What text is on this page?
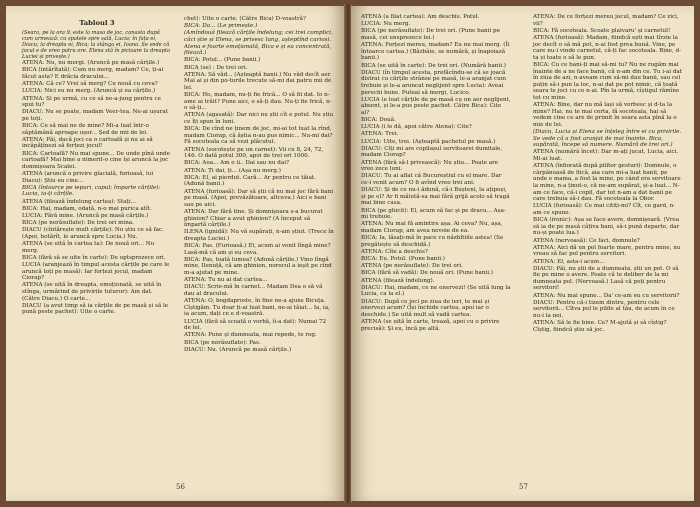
Tabloul 3

(Seara, pe la ora 9, este la masa de joc, canasta după cum urmează: cu spatele spre sală, Lucia; în fața ei, Diacu; la dreapta ei, Bica; la stânga ei, Ioana. Se vede că jocul e de vreo patru ore. Elena stă în picioare la dreapta Luciei și privește.)

ATENA: Nu, nu mergi. (Aruncă pe masă cărțile.)

BICA (intărîtată): Cum nu merg, madam? Ce, ți-ai făcut asta? E drăcia dracului...

ATENA: Că ce? Vrei să merg? Cu nouă cu ceva?

LUCIA: Nici eu nu merg. (Aruncă și ea cărțile.)

ATENA: Și pe urmă, cu ce să ne-a-jung pentru ce spui tu?

DIACU: Nu se poate, madam Veer-tea. Ne-ai ușurat pe toți.

BICA: Ce să mai ne de mine? Mi-a luat într-o săptămână aproape ușor... Șed de mii de lei.

ATENA: Păi, dacă joci ca o cartoafă și nu ai să incâpățînezi să forțezi jocul!

BICA: Cartoafă? Nu mai spune... De unde pînă unde cartoafă? Mai bine a nimerit-o cine își aruncă la joc domnișoara Scalei.

ATENA (aruncă o privire glacială, furioasă, lui Diacu): Știu eu cine...

BICA (întoarce pe iepuri, capul; împarte cărțile): Lucia, ia-ți cărțile.

ATENA (filează îndelung cartea): Stați...

BICA: Hai, madam, odată, n-o mai purica atît.

LUCIA: Fără mine. (Aruncă pe masă cărțile.)

BICA (pe nerăsuflate): De trei ori mina.

DIACU (cîntărește mult cărțile): Nu știu ce să fac. (Apoi, hotărît, le aruncă spre Lucia.) Nu.

ATENA (se uită în cartea ta): De nouă ori... Nu merg.

BICA (fără să se uite în carte): De optsprezece ori.

LUCIA (aranjează în timpul acesta cărțile pe care le aruncă toți pe masă): Iar forțezi jocul, madam Ciorap?

ATENA (se uită în dreapta, emoționată, se uită în stînga, urmărind de privirile tuturor): Am dat. (Către Diacu.) O carte...

DIACU (a avut timp să ia cărțile de pe masă și să le pună peste pachet): Uite o carte.

chet): Uite o carte. (Către Bica) D-voastră?

BICA: Da... (Le primește.)

(Amîndouă filează cărțile îndelung; cei trei complici, câci știe și Elena, se privesc lung, așteptînd curioși. Atena e foarte emoționată, Bica e și ea concentrată, filează.)

BICA: Potul... (Pune banii.)

BICA (se) : De trei ori.

ATENA: Să văd... (Așteaptă banii.) Nu văd decît aer. Mai ai și din po-turile trecute să-mi dai patru mii de lei.

BICA: Ho, madam, nu-ți fie frică... O să fii dat. Io n-ame ai trăit? Pune aici, o să-ți dau. Nu-ți fie frică, n-o să-ți...

ATENA (agasată): Dar nici nu știi cît e potul. Nu știu ce îți spun în luni.

BICA: De cînd ne ținem de joc, mi-ai tot luat la rînd, madam Ciorap, că ăștia n-au pus nimic... Nu-mi dai? Fă socoteala ca să vezi plăcutul.

ATENA (socotește pe un carnet): Vii cu 8, 24, 72, 146. O dată potul 300, apoi de trei ori 1000.

BICA: Aoa... Am o ii.. Dai sau nu dai?

ATENA: Ți dai, ți... (Așa nu merg.)

BICA: El, ai pierdut. Cară... Ar pentru ce tăiat. (Adună banii.)

ATENA (furioasă): Dar să știi că nu mai joc fără bani pe masă. (Apoi, prevăzătoare, altceva.) Aici e bani sau pe aici.

ATENA: Dar fără tine. Și domnișoara s-a bucurat ghinion? Chiar a avut ghinion? (A început să împartă cărțile.)

ILENA (ignidă): Nu vă supărați, n-am știut. (Trece în dreapta Luciei.)

BICA: Pas. (Furioasă.) El, acum ai venit lîngă mine? Lasă-mă că am și eu ceva.

BICA: Pas, toată lumea? (Adună cărțile.) Vino lîngă mine, Ilenuță, că am ghinion, norocul a ieșit pe cînd m-a ajutat pe mine.

ATENA: Tu nu ai dat cartea...

DIACU: Scrie-mă în carnet... Madam Dea o să vă dau al dracului.

ATENA: O, bogdaproste, în fine ne-a ajuns Bicuța. Cîștigăm. Tu doar ți-ai luat bani, ne-ai tăiat... Ia, ia, ia acum, dați ce e d-voastră.

LUCIA (fără să scoată o vorbă, îi-a dat): Numai 72 de lei.

ATENA: Pune și dumneata, mai repede, te rog.

BICA (pe nerăsuflate): Pas.

DIACU: Nu. (Aruncă pe masă cărțile.)

56

ATENA (a filat cartea): Am deschis. Potul.

LUCIA: Nu merg.

BICA (pe nerăsuflate): De trei ori. (Pune banii pe masă, cei unsprezece lei.)

ATENA: Forțezi mereu, madam? Eu nu mai merg. (Îi întoarce cartea.) (Bâzbâie, se numără, și înapoiază banii.)

BICA (se uită în carte): De trei ori. (Numără banii.)

DIACU (în timpul acesta, prefăcîndu-se că se joacă distrat cu cărțile strânse pe masă, le-a aranjat cum trebuie și le-a aruncat neglijent spre Lucia): Aveai perechi bune. Puteai să mergi, Lucico.

LUCIA (e loat cărțile de pe masă cu un aer neglijent, absent, și le-a pus peste pachet. Către Bica): Cite ai?

BICA: Două.

LUCIA (i le dă, apoi către Atena): Cite?

ATENA: Trei.

LUCIA: Uite, trei. (Așteaptă pachetul pe masă.)

DIACU: Cîți mi are copilașul servitoarei dumitale, madam Ciorap?

ATENA (fără să-l privească): Nu știu... Poate are vreo zece luni.

DIACU: Tu ai aflat că Bucureștiul cu el mare. Dar ce-i venit acum? O fi avînd vreo trei ani.

DIACU: Și de ce nu-i ădună, că-i Bușteni, la ațipoși, și pe el? Ar fi măiută-sa mai fără grijă acolo să tragă mai bine casa.

BICA (pe ghicit): El, acum să fac și pe dracu... Așa-mi trebuie.

ATENA: Nu mai fă amintire așa. Ai ceva? Nu, așa, madam Ciorap, am avea nevoie de ea.

BICA: Ia, lăsați-mă în pace cu năzbîtiile astea! (Se pregătește să deschidă.)

ATENA: Cîte a deschis?

BICA: Eu. Potul. (Pune banii.)

ATENA (pe nerăsuflate): De trei ori.

BICA (fără să vadă): De nouă ori. (Pune banii.)

ATENA (filează îndelung).

DIACU: Hai, madam, ce ne enervezi! (Se uită lung la Lucia, ca la el.)

DIACU: După ce joci pe ziua de ieri, te mai și enervezi acum? (Își închide cartea, apoi iar o deschide.) Se uită mult să vadă cartea.

ATENA (se uită în carte, trează, apoi cu o privire precisă): Și eu, încă pe altă.

ATENA: De ce forțezi mereu jocul, madam? Ce zici, vii?

BICA: Fă socoteala. Scoate plaivaru' și carnetul!

ATENA (furioasă): Madam, fiindcă ești mai tîrzie la joc decît o să mă pot, n-ai fost prea bună. Vine, pe care nu-i vinde carnetul, că-ți fac socoteala. Bine, d-ta și toate o să le pun.

BICA: Cu ce bani-ți mai să-mi tu? Nu ne rugăm mai înainte de a ne face banii, că n-am din ce. Tu i-ai dat în ziua de azi, n-aveam cum să-mi dau banii, sau cel puțin să-i pun la loc, n-ai dat pe pot nimic, că toată seara te joci cu ce n-ai. Pîn la urmă, cîștigul rămîne tot cu mine.

ATENA: Bine, dar nu mă lași să vorbesc și d-ta la mine? Hai, nu te mai certa, fă socoteala, hai să vedem cine ce are de primit în seara asta pînă la o mie de lei.

(Diacu, Lucia și Elena se înțeleg între ei cu privirile. Se vede că a fost aranjat de mai înainte. Bica, supărată, începe să numere. Numără de trei ori.)

ATENA (numără încet): Dar m-ați jucat, Lucia, aici. Mi-ai luat.

ATENA (înfiorată după pilitor gesturi): Domnule, o cârpănoasă de fiică, aia care mi-a luat banii, pe unde e mama, a fost la mine, pe când era servitoare la mine, n-a ținut-o, că ne-am supărat, și-a luat... N-am ce face, că-i copil, dar tot n-am a dat banii pe care trebuia să-i dau. Fă socoteala la Obor.

LUCIA (furioasă): Ce mai citiți-mi? Cît, ce gard, n-am ce spune.

BICA (ironic): Așa se face avere, domnișoară. (Vrea să ia de pe masă câțiva bani, să-i pună departe, dar nu-și poate lua.)

ATENA (nervoasă): Ce faci, domnule?

ATENA: Aici dă un pol foarte mare, pentru mine, nu vreau să fac pol pentru servitori.

ATENA: El, asta-i acum...

DIACU: Păi, nu știi de a dumneata, știi un pot. O să fie pe mine o avere. Poate că te deliber de la mi dumneata pol. (Nervoasă.) Lasă că poți pentru servitori!

ATENA: Nu mai spune... Da' ce-am eu cu servitorii?

DIACU: Pentru că-i tizem dintru, pentru cele servitorii... Cîtva pol le pilde al tău, de acum în ce nu-i la noi.

ATENA: Să le fie bine. Ce? M-ajută și să cîștig? Cîștig, fiindcă știu să joc.

57
